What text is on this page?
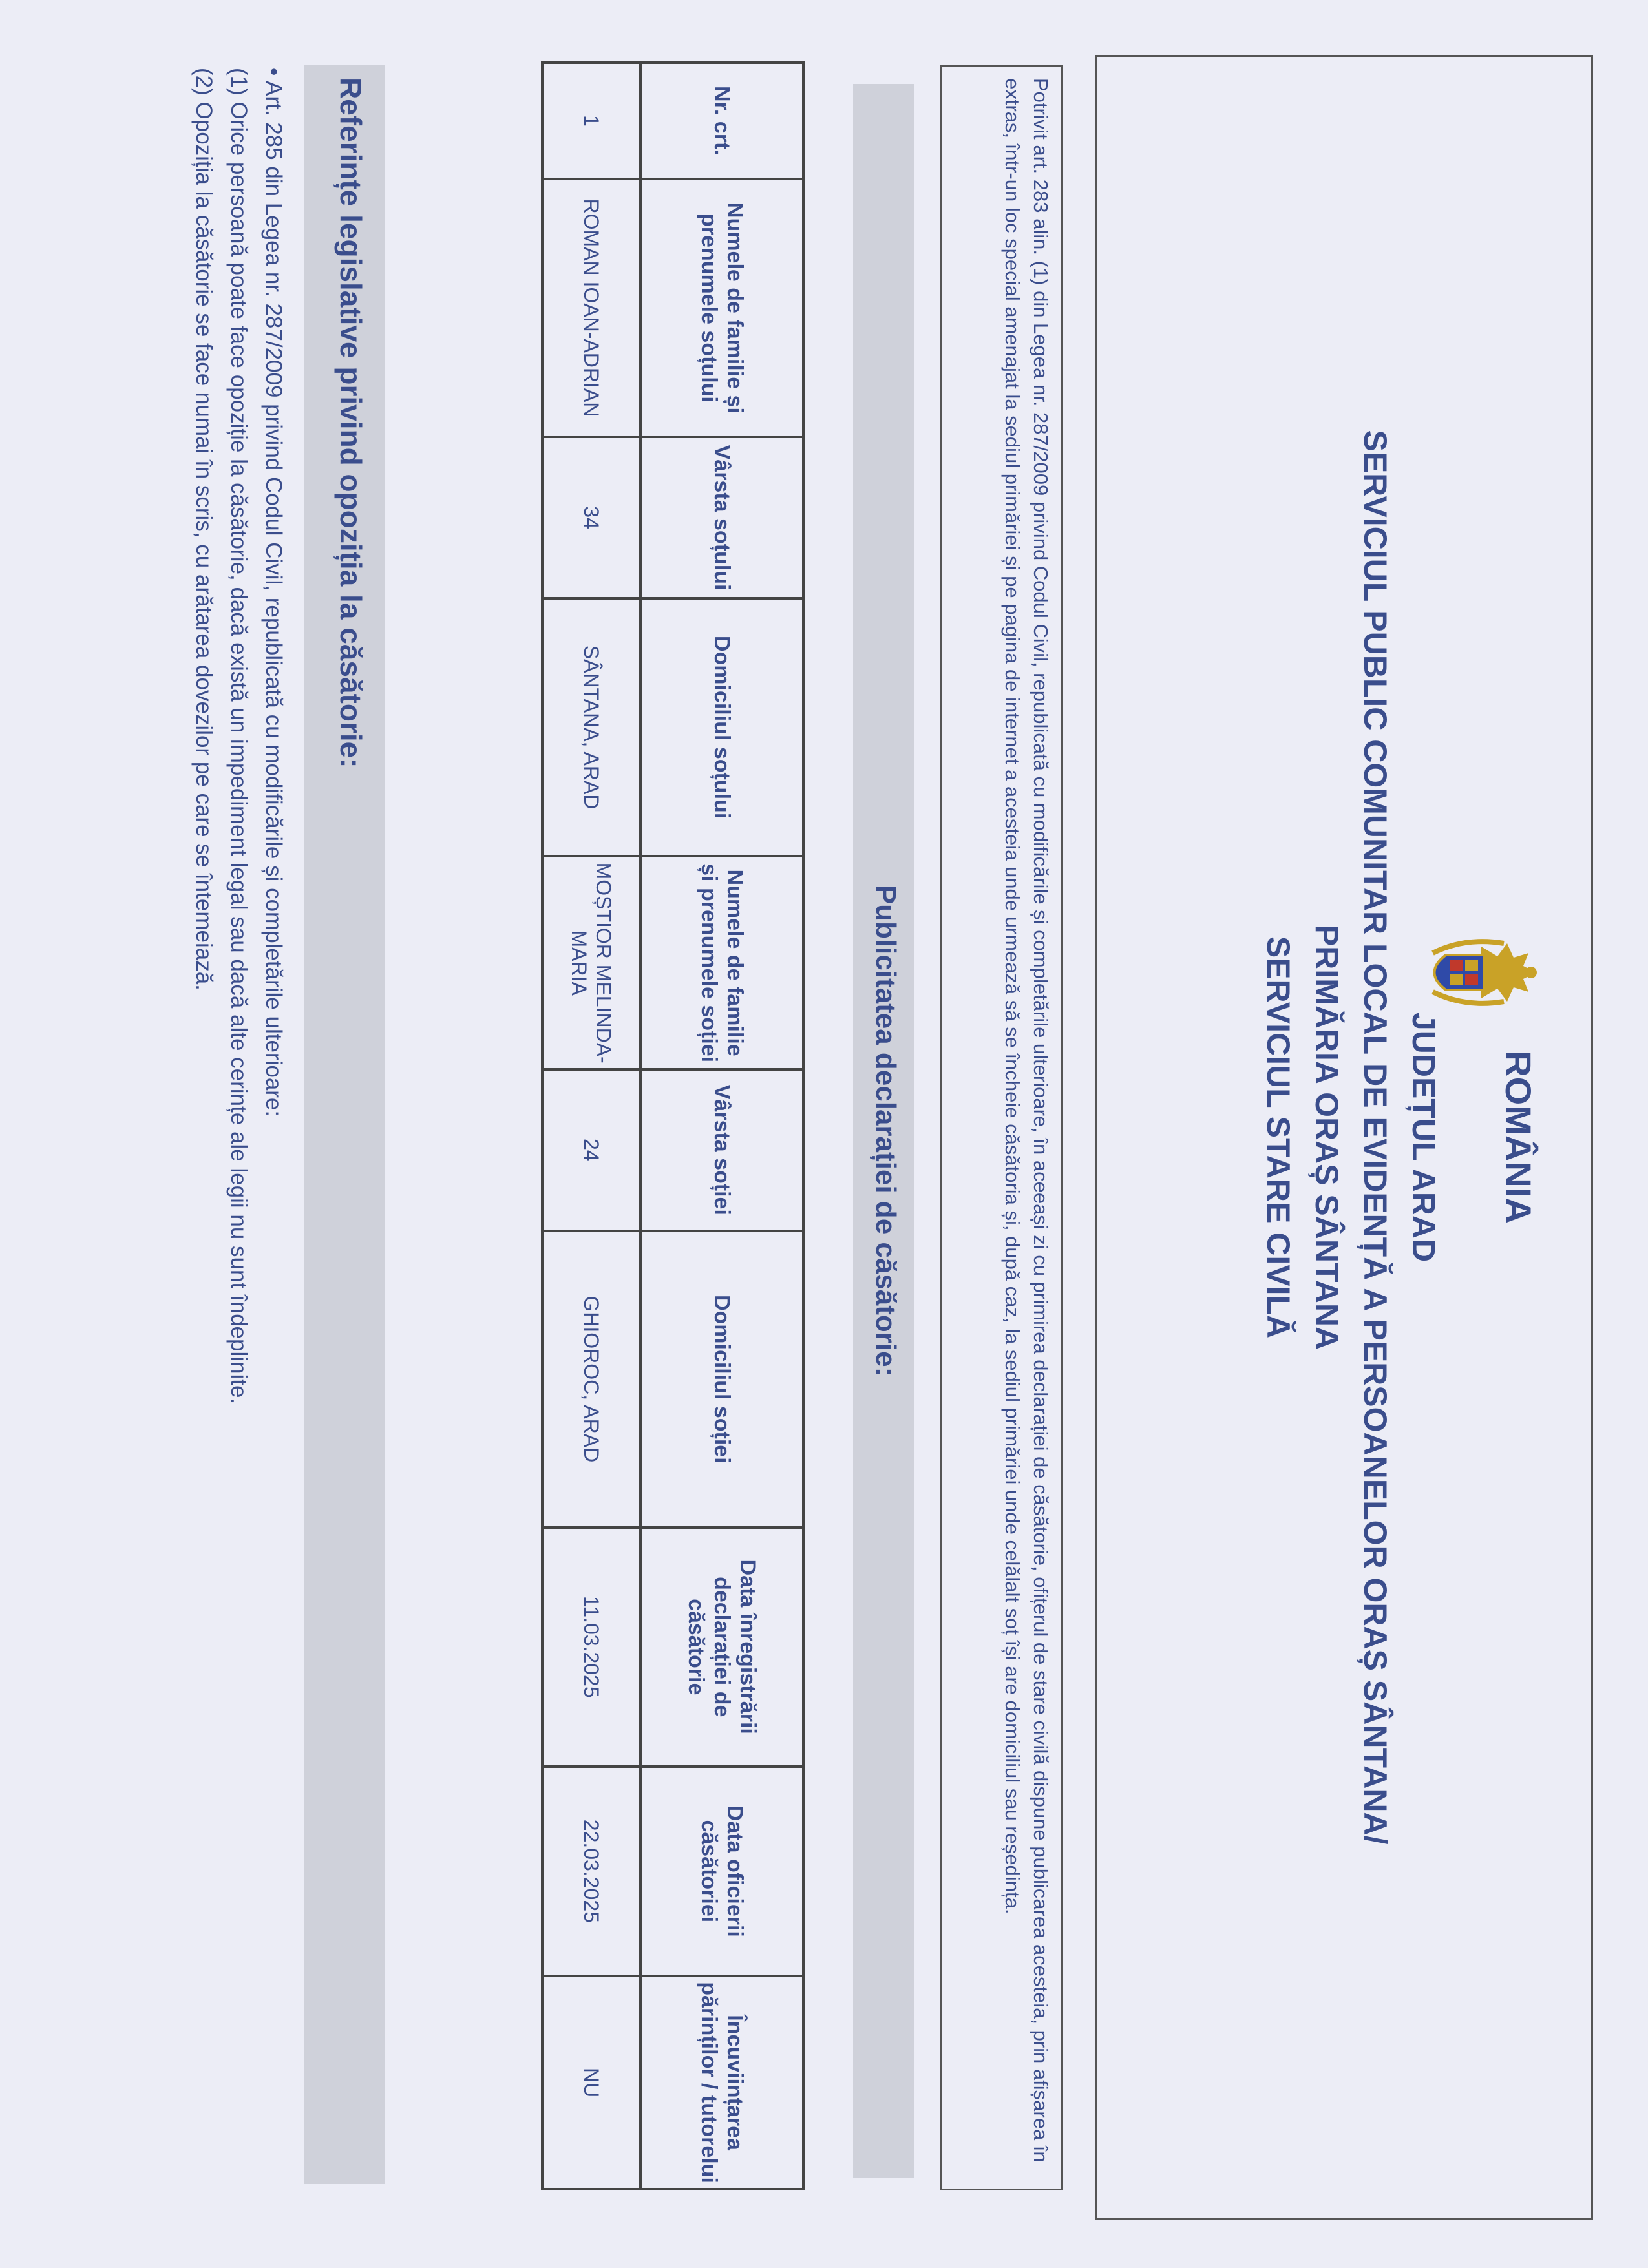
ROMÂNIA
JUDEȚUL ARAD
SERVICIUL PUBLIC COMUNITAR LOCAL DE EVIDENȚĂ A PERSOANELOR ORAȘ SÂNTANA/
PRIMĂRIA ORAȘ SÂNTANA
SERVICIUL STARE CIVILĂ
Potrivit art. 283 alin. (1) din Legea nr. 287/2009 privind Codul Civil, republicată cu modificările și completările ulterioare, în aceeași zi cu primirea declarației de căsătorie, ofițerul de stare civilă dispune publicarea acesteia, prin afișarea în extras, într-un loc special amenajat la sediul primăriei și pe pagina de internet a acesteia unde urmează să se încheie căsătoria și, după caz, la sediul primăriei unde celălalt soț își are domiciliul sau reședința.
Publicitatea declarației de căsătorie:
Nr. crt.	Numele de familie și prenumele soțului	Vârsta soțului	Domiciliul soțului	Numele de familie și prenumele soției	Vârsta soției	Domiciliul soției	Data înregistrării declarației de căsătorie	Data oficierii căsătoriei	Încuviințarea părinților / tutorelui
1	ROMAN IOAN-ADRIAN	34	SÂNTANA, ARAD	MOȘTIOR MELINDA-MARIA	24	GHIOROC, ARAD	11.03.2025	22.03.2025	NU
Referințe legislative privind opoziția la căsătorie:

• Art. 285 din Legea nr. 287/2009 privind Codul Civil, republicată cu modificările și completările ulterioare:

(1) Orice persoană poate face opoziție la căsătorie, dacă există un impediment legal sau dacă alte cerințe ale legii nu sunt îndeplinite.

(2) Opoziția la căsătorie se face numai în scris, cu arătarea dovezilor pe care se întemeiază.
